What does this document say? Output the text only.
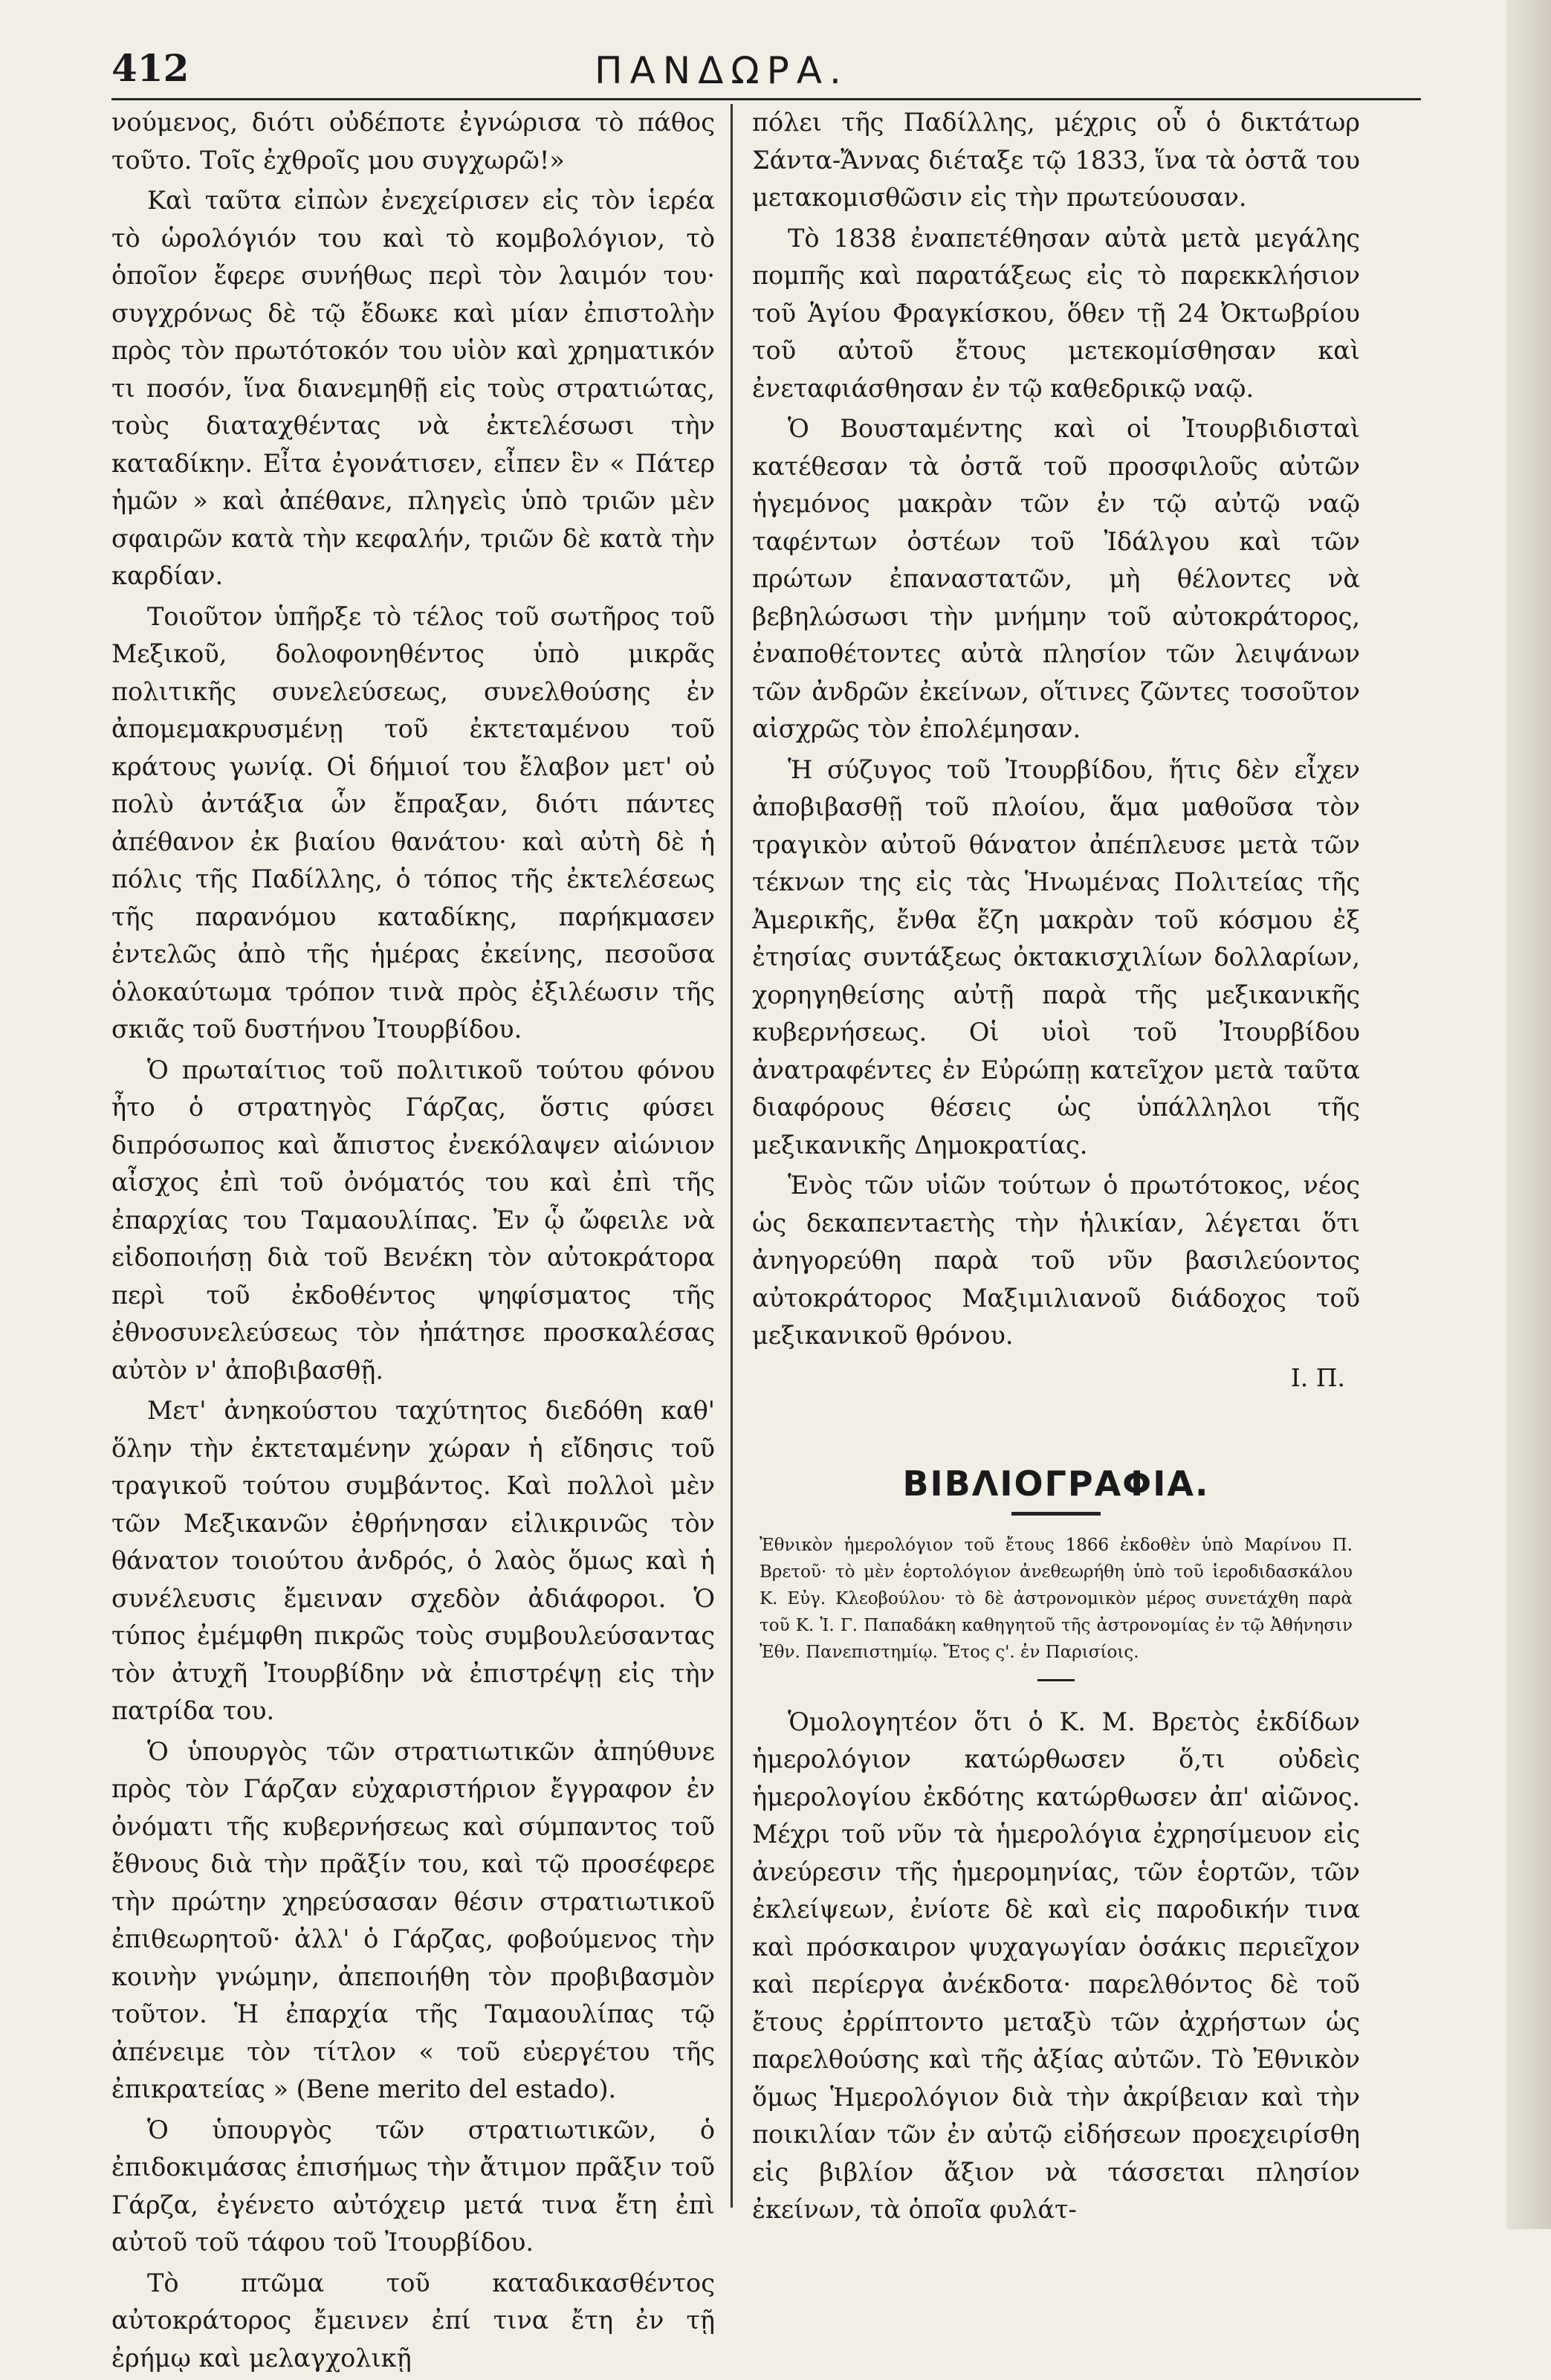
412	ΠΑΝΔΩΡΑ.

νούμενος, διότι οὐδέποτε ἐγνώρισα τὸ πάθος τοῦτο. Τοῖς ἐχθροῖς μου συγχωρῶ!»

Καὶ ταῦτα εἰπὼν ἐνεχείρισεν εἰς τὸν ἱερέα τὸ ὡρολόγιόν του καὶ τὸ κομβολόγιον, τὸ ὁποῖον ἔφερε συνήθως περὶ τὸν λαιμόν του· συγχρόνως δὲ τῷ ἔδωκε καὶ μίαν ἐπιστολὴν πρὸς τὸν πρωτότοκόν του υἱὸν καὶ χρηματικόν τι ποσόν, ἵνα διανεμηθῇ εἰς τοὺς στρατιώτας, τοὺς διαταχθέντας νὰ ἐκτελέσωσι τὴν καταδίκην. Εἶτα ἐγονάτισεν, εἶπεν ἓν « Πάτερ ἡμῶν » καὶ ἀπέθανε, πληγεὶς ὑπὸ τριῶν μὲν σφαιρῶν κατὰ τὴν κεφαλήν, τριῶν δὲ κατὰ τὴν καρδίαν.

Τοιοῦτον ὑπῆρξε τὸ τέλος τοῦ σωτῆρος τοῦ Μεξικοῦ, δολοφονηθέντος ὑπὸ μικρᾶς πολιτικῆς συνελεύσεως, συνελθούσης ἐν ἀπομεμακρυσμένῃ τοῦ ἐκτεταμένου τοῦ κράτους γωνίᾳ. Οἱ δήμιοί του ἔλαβον μετ' οὐ πολὺ ἀντάξια ὧν ἔπραξαν, διότι πάντες ἀπέθανον ἐκ βιαίου θανάτου· καὶ αὐτὴ δὲ ἡ πόλις τῆς Παδίλλης, ὁ τόπος τῆς ἐκτελέσεως τῆς παρανόμου καταδίκης, παρήκμασεν ἐντελῶς ἀπὸ τῆς ἡμέρας ἐκείνης, πεσοῦσα ὁλοκαύτωμα τρόπον τινὰ πρὸς ἐξιλέωσιν τῆς σκιᾶς τοῦ δυστήνου Ἰτουρβίδου.

Ὁ πρωταίτιος τοῦ πολιτικοῦ τούτου φόνου ἦτο ὁ στρατηγὸς Γάρζας, ὅστις φύσει διπρόσωπος καὶ ἄπιστος ἐνεκόλαψεν αἰώνιον αἶσχος ἐπὶ τοῦ ὀνόματός του καὶ ἐπὶ τῆς ἐπαρχίας του Ταμαουλίπας. Ἐν ᾧ ὤφειλε νὰ εἰδοποιήσῃ διὰ τοῦ Βενέκη τὸν αὐτοκράτορα περὶ τοῦ ἐκδοθέντος ψηφίσματος τῆς ἐθνοσυνελεύσεως τὸν ἠπάτησε προσκαλέσας αὐτὸν ν' ἀποβιβασθῇ.

Μετ' ἀνηκούστου ταχύτητος διεδόθη καθ' ὅλην τὴν ἐκτεταμένην χώραν ἡ εἴδησις τοῦ τραγικοῦ τούτου συμβάντος. Καὶ πολλοὶ μὲν τῶν Μεξικανῶν ἐθρήνησαν εἰλικρινῶς τὸν θάνατον τοιούτου ἀνδρός, ὁ λαὸς ὅμως καὶ ἡ συνέλευσις ἔμειναν σχεδὸν ἀδιάφοροι. Ὁ τύπος ἐμέμφθη πικρῶς τοὺς συμβουλεύσαντας τὸν ἀτυχῆ Ἰτουρβίδην νὰ ἐπιστρέψῃ εἰς τὴν πατρίδα του.

Ὁ ὑπουργὸς τῶν στρατιωτικῶν ἀπηύθυνε πρὸς τὸν Γάρζαν εὐχαριστήριον ἔγγραφον ἐν ὀνόματι τῆς κυβερνήσεως καὶ σύμπαντος τοῦ ἔθνους διὰ τὴν πρᾶξίν του, καὶ τῷ προσέφερε τὴν πρώτην χηρεύσασαν θέσιν στρατιωτικοῦ ἐπιθεωρητοῦ· ἀλλ' ὁ Γάρζας, φοβούμενος τὴν κοινὴν γνώμην, ἀπεποιήθη τὸν προβιβασμὸν τοῦτον. Ἡ ἐπαρχία τῆς Ταμαουλίπας τῷ ἀπένειμε τὸν τίτλον « τοῦ εὐεργέτου τῆς ἐπικρατείας » (Bene merito del estado).

Ὁ ὑπουργὸς τῶν στρατιωτικῶν, ὁ ἐπιδοκιμάσας ἐπισήμως τὴν ἄτιμον πρᾶξιν τοῦ Γάρζα, ἐγένετο αὐτόχειρ μετά τινα ἔτη ἐπὶ αὐτοῦ τοῦ τάφου τοῦ Ἰτουρβίδου.

Τὸ πτῶμα τοῦ καταδικασθέντος αὐτοκράτορος ἔμεινεν ἐπί τινα ἔτη ἐν τῇ ἐρήμῳ καὶ μελαγχολικῇ

πόλει τῆς Παδίλλης, μέχρις οὗ ὁ δικτάτωρ Σάντα-Ἄννας διέταξε τῷ 1833, ἵνα τὰ ὀστᾶ του μετακομισθῶσιν εἰς τὴν πρωτεύουσαν.

Τὸ 1838 ἐναπετέθησαν αὐτὰ μετὰ μεγάλης πομπῆς καὶ παρατάξεως εἰς τὸ παρεκκλήσιον τοῦ Ἁγίου Φραγκίσκου, ὅθεν τῇ 24 Ὀκτωβρίου τοῦ αὐτοῦ ἔτους μετεκομίσθησαν καὶ ἐνεταφιάσθησαν ἐν τῷ καθεδρικῷ ναῷ.

Ὁ Βουσταμέντης καὶ οἱ Ἰτουρβιδισταὶ κατέθεσαν τὰ ὀστᾶ τοῦ προσφιλοῦς αὐτῶν ἡγεμόνος μακρὰν τῶν ἐν τῷ αὐτῷ ναῷ ταφέντων ὀστέων τοῦ Ἰδάλγου καὶ τῶν πρώτων ἐπαναστατῶν, μὴ θέλοντες νὰ βεβηλώσωσι τὴν μνήμην τοῦ αὐτοκράτορος, ἐναποθέτοντες αὐτὰ πλησίον τῶν λειψάνων τῶν ἀνδρῶν ἐκείνων, οἵτινες ζῶντες τοσοῦτον αἰσχρῶς τὸν ἐπολέμησαν.

Ἡ σύζυγος τοῦ Ἰτουρβίδου, ἥτις δὲν εἶχεν ἀποβιβασθῇ τοῦ πλοίου, ἅμα μαθοῦσα τὸν τραγικὸν αὐτοῦ θάνατον ἀπέπλευσε μετὰ τῶν τέκνων της εἰς τὰς Ἡνωμένας Πολιτείας τῆς Ἀμερικῆς, ἔνθα ἔζη μακρὰν τοῦ κόσμου ἐξ ἐτησίας συντάξεως ὀκτακισχιλίων δολλαρίων, χορηγηθείσης αὐτῇ παρὰ τῆς μεξικανικῆς κυβερνήσεως. Οἱ υἱοὶ τοῦ Ἰτουρβίδου ἀνατραφέντες ἐν Εὐρώπῃ κατεῖχον μετὰ ταῦτα διαφόρους θέσεις ὡς ὑπάλληλοι τῆς μεξικανικῆς Δημοκρατίας.

Ἑνὸς τῶν υἱῶν τούτων ὁ πρωτότοκος, νέος ὡς δεκαπεντaετὴς τὴν ἡλικίαν, λέγεται ὅτι ἀνηγορεύθη παρὰ τοῦ νῦν βασιλεύοντος αὐτοκράτορος Μαξιμιλιανοῦ διάδοχος τοῦ μεξικανικοῦ θρόνου.

Ι. Π.
ΒΙΒΛΙΟΓΡΑΦΙΑ.
Ἐθνικὸν ἡμερολόγιον τοῦ ἔτους 1866 ἐκδοθὲν ὑπὸ Μαρίνου Π. Βρετοῦ· τὸ μὲν ἑορτολόγιον ἀνεθεωρήθη ὑπὸ τοῦ ἱεροδιδασκάλου Κ. Εὐγ. Κλεοβούλου· τὸ δὲ ἀστρονομικὸν μέρος συνετάχθη παρὰ τοῦ Κ. Ἰ. Γ. Παπαδάκη καθηγητοῦ τῆς ἀστρονομίας ἐν τῷ Ἀθήνησιν Ἐθν. Πανεπιστημίῳ. Ἔτος ς'. ἐν Παρισίοις.

Ὁμολογητέον ὅτι ὁ Κ. Μ. Βρετὸς ἐκδίδων ἡμερολόγιον κατώρθωσεν ὅ,τι οὐδεὶς ἡμερολογίου ἐκδότης κατώρθωσεν ἀπ' αἰῶνος. Μέχρι τοῦ νῦν τὰ ἡμερολόγια ἐχρησίμευον εἰς ἀνεύρεσιν τῆς ἡμερομηνίας, τῶν ἑορτῶν, τῶν ἐκλείψεων, ἐνίοτε δὲ καὶ εἰς παροδικήν τινα καὶ πρόσκαιρον ψυχαγωγίαν ὁσάκις περιεῖχον καὶ περίεργα ἀνέκδοτα· παρελθόντος δὲ τοῦ ἔτους ἐρρίπτοντο μεταξὺ τῶν ἀχρήστων ὡς παρελθούσης καὶ τῆς ἀξίας αὐτῶν. Τὸ Ἐθνικὸν ὅμως Ἡμερολόγιον διὰ τὴν ἀκρίβειαν καὶ τὴν ποικιλίαν τῶν ἐν αὐτῷ εἰδήσεων προεχειρίσθη εἰς βιβλίον ἄξιον νὰ τάσσεται πλησίον ἐκείνων, τὰ ὁποῖα φυλάτ-
